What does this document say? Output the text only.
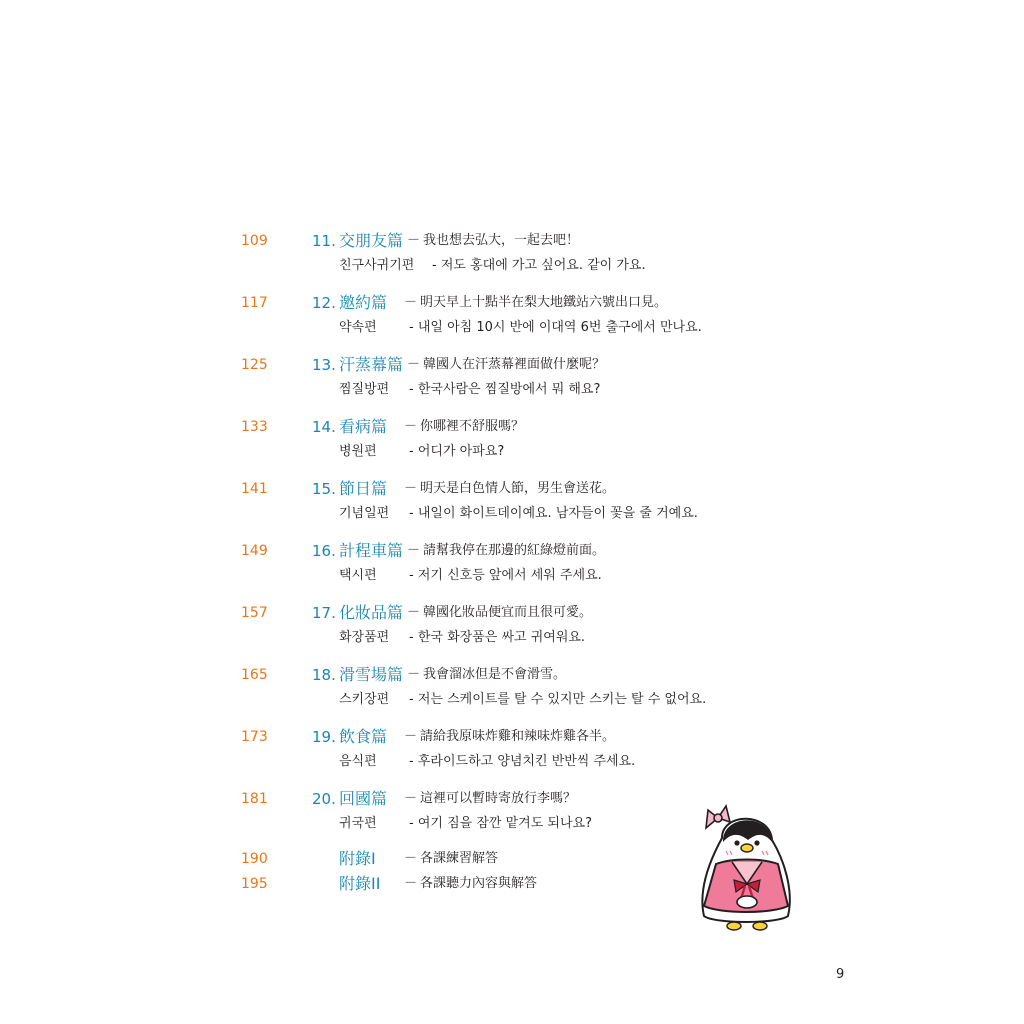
109	11. 交朋友篇 － 我也想去弘大，一起去吧！
친구사귀기편 - 저도 홍대에 가고 싶어요. 같이 가요.
117	12. 邀約篇 － 明天早上十點半在梨大地鐵站六號出口見。
약속편 - 내일 아침 10시 반에 이대역 6번 출구에서 만나요.
125	13. 汗蒸幕篇 － 韓國人在汗蒸幕裡面做什麼呢？
찜질방편 - 한국사람은 찜질방에서 뭐 해요?
133	14. 看病篇 － 你哪裡不舒服嗎？
병원편 - 어디가 아파요?
141	15. 節日篇 － 明天是白色情人節，男生會送花。
기념일편 - 내일이 화이트데이예요. 남자들이 꽃을 줄 거예요.
149	16. 計程車篇 － 請幫我停在那邊的紅綠燈前面。
택시편 - 저기 신호등 앞에서 세워 주세요.
157	17. 化妝品篇 － 韓國化妝品便宜而且很可愛。
화장품편 - 한국 화장품은 싸고 귀여워요.
165	18. 滑雪場篇 － 我會溜冰但是不會滑雪。
스키장편 - 저는 스케이트를 탈 수 있지만 스키는 탈 수 없어요.
173	19. 飲食篇 － 請給我原味炸雞和辣味炸雞各半。
음식편 - 후라이드하고 양념치킨 반반씩 주세요.
181	20. 回國篇 － 這裡可以暫時寄放行李嗎？
귀국편 - 여기 짐을 잠깐 맡겨도 되나요?
190	附錄I － 各課練習解答
195	附錄II － 各課聽力內容與解答
9
